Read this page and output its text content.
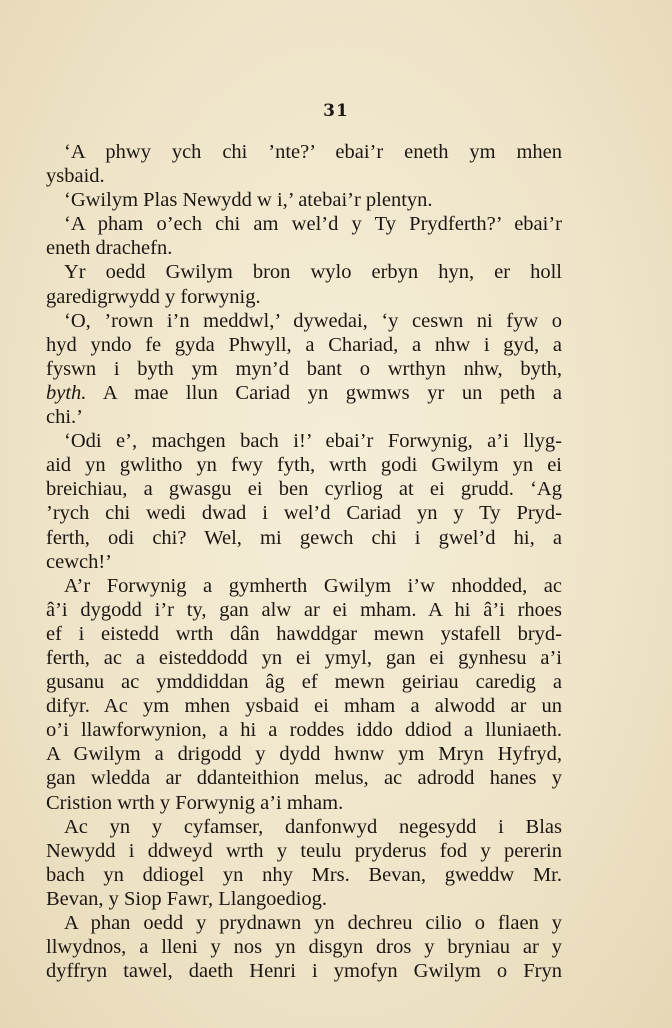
31
‘A phwy ych chi ’nte?’ ebai’r eneth ym mhen
ysbaid.
‘Gwilym Plas Newydd w i,’ atebai’r plentyn.
‘A pham o’ech chi am wel’d y Ty Prydferth?’ ebai’r
eneth drachefn.
Yr oedd Gwilym bron wylo erbyn hyn, er holl
garedigrwydd y forwynig.
‘O, ’rown i’n meddwl,’ dywedai, ‘y ceswn ni fyw o
hyd yndo fe gyda Phwyll, a Chariad, a nhw i gyd, a
fyswn i byth ym myn’d bant o wrthyn nhw, byth,
byth. A mae llun Cariad yn gwmws yr un peth a
chi.’
‘Odi e’, machgen bach i!’ ebai’r Forwynig, a’i llyg-
aid yn gwlitho yn fwy fyth, wrth godi Gwilym yn ei
breichiau, a gwasgu ei ben cyrliog at ei grudd. ‘Ag
’rych chi wedi dwad i wel’d Cariad yn y Ty Pryd-
ferth, odi chi? Wel, mi gewch chi i gwel’d hi, a
cewch!’
A’r Forwynig a gymherth Gwilym i’w nhodded, ac
â’i dygodd i’r ty, gan alw ar ei mham. A hi â’i rhoes
ef i eistedd wrth dân hawddgar mewn ystafell bryd-
ferth, ac a eisteddodd yn ei ymyl, gan ei gynhesu a’i
gusanu ac ymddiddan âg ef mewn geiriau caredig a
difyr. Ac ym mhen ysbaid ei mham a alwodd ar un
o’i llawforwynion, a hi a roddes iddo ddiod a lluniaeth.
A Gwilym a drigodd y dydd hwnw ym Mryn Hyfryd,
gan wledda ar ddanteithion melus, ac adrodd hanes y
Cristion wrth y Forwynig a’i mham.
Ac yn y cyfamser, danfonwyd negesydd i Blas
Newydd i ddweyd wrth y teulu pryderus fod y pererin
bach yn ddiogel yn nhy Mrs. Bevan, gweddw Mr.
Bevan, y Siop Fawr, Llangoediog.
A phan oedd y prydnawn yn dechreu cilio o flaen y
llwydnos, a lleni y nos yn disgyn dros y bryniau ar y
dyffryn tawel, daeth Henri i ymofyn Gwilym o Fryn
